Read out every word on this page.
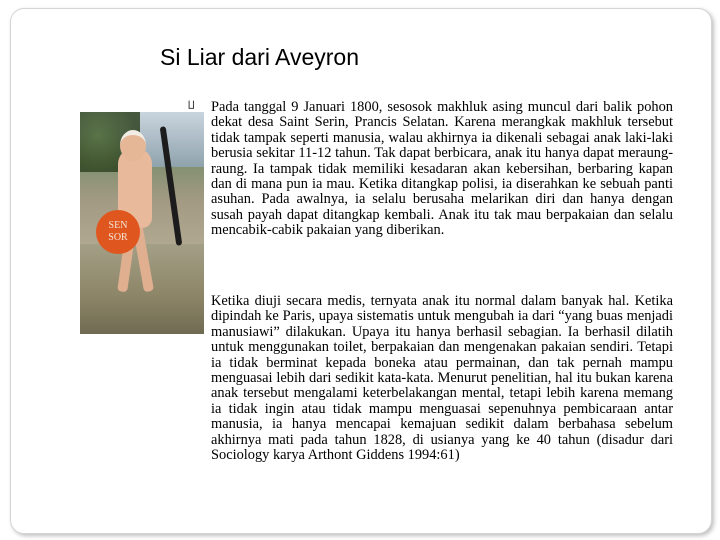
Si Liar dari Aveyron
SEN
SOR
∐ Pada tanggal 9 Januari 1800, sesosok makhluk asing muncul dari balik pohon dekat desa Saint Serin, Prancis Selatan. Karena merangkak makhluk tersebut tidak tampak seperti manusia, walau akhirnya ia dikenali sebagai anak laki-laki berusia sekitar 11-12 tahun. Tak dapat berbicara, anak itu hanya dapat meraung-raung. Ia tampak tidak memiliki kesadaran akan kebersihan, berbaring kapan dan di mana pun ia mau. Ketika ditangkap polisi, ia diserahkan ke sebuah panti asuhan. Pada awalnya, ia selalu berusaha melarikan diri dan hanya dengan susah payah dapat ditangkap kembali. Anak itu tak mau berpakaian dan selalu mencabik-cabik pakaian yang diberikan.

Ketika diuji secara medis, ternyata anak itu normal dalam banyak hal. Ketika dipindah ke Paris, upaya sistematis untuk mengubah ia dari “yang buas menjadi manusiawi” dilakukan. Upaya itu hanya berhasil sebagian. Ia berhasil dilatih untuk menggunakan toilet, berpakaian dan mengenakan pakaian sendiri. Tetapi ia tidak berminat kepada boneka atau permainan, dan tak pernah mampu menguasai lebih dari sedikit kata-kata. Menurut penelitian, hal itu bukan karena anak tersebut mengalami keterbelakangan mental, tetapi lebih karena memang ia tidak ingin atau tidak mampu menguasai sepenuhnya pembicaraan antar manusia, ia hanya mencapai kemajuan sedikit dalam berbahasa sebelum akhirnya mati pada tahun 1828, di usianya yang ke 40 tahun (disadur dari Sociology karya Arthont Giddens 1994:61)
